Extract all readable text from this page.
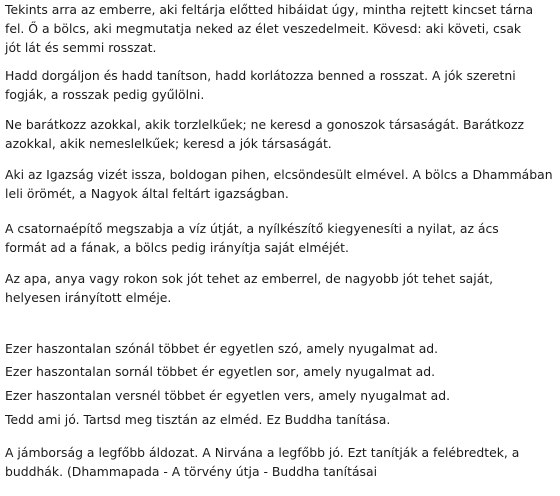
Tekints arra az emberre, aki feltárja előtted hibáidat úgy, mintha rejtett kincset tárna
fel. Ő a bölcs, aki megmutatja neked az élet veszedelmeit. Kövesd: aki követi, csak
jót lát és semmi rosszat.

Hadd dorgáljon és hadd tanítson, hadd korlátozza benned a rosszat. A jók szeretni
fogják, a rosszak pedig gyűlölni.

Ne barátkozz azokkal, akik torzlelkűek; ne keresd a gonoszok társaságát. Barátkozz
azokkal, akik nemeslelkűek; keresd a jók társaságát.

Aki az Igazság vizét issza, boldogan pihen, elcsöndesült elmével. A bölcs a Dhammában
leli örömét, a Nagyok által feltárt igazságban.

A csatornaépítő megszabja a víz útját, a nyílkészítő kiegyenesíti a nyilat, az ács
formát ad a fának, a bölcs pedig irányítja saját elméjét.

Az apa, anya vagy rokon sok jót tehet az emberrel, de nagyobb jót tehet saját,
helyesen irányított elméje.

Ezer haszontalan szónál többet ér egyetlen szó, amely nyugalmat ad.

Ezer haszontalan sornál többet ér egyetlen sor, amely nyugalmat ad.

Ezer haszontalan versnél többet ér egyetlen vers, amely nyugalmat ad.

Tedd ami jó. Tartsd meg tisztán az elméd. Ez Buddha tanítása.

A jámborság a legfőbb áldozat. A Nirvána a legfőbb jó. Ezt tanítják a felébredtek, a
buddhák. (Dhammapada - A törvény útja - Buddha tanításai
